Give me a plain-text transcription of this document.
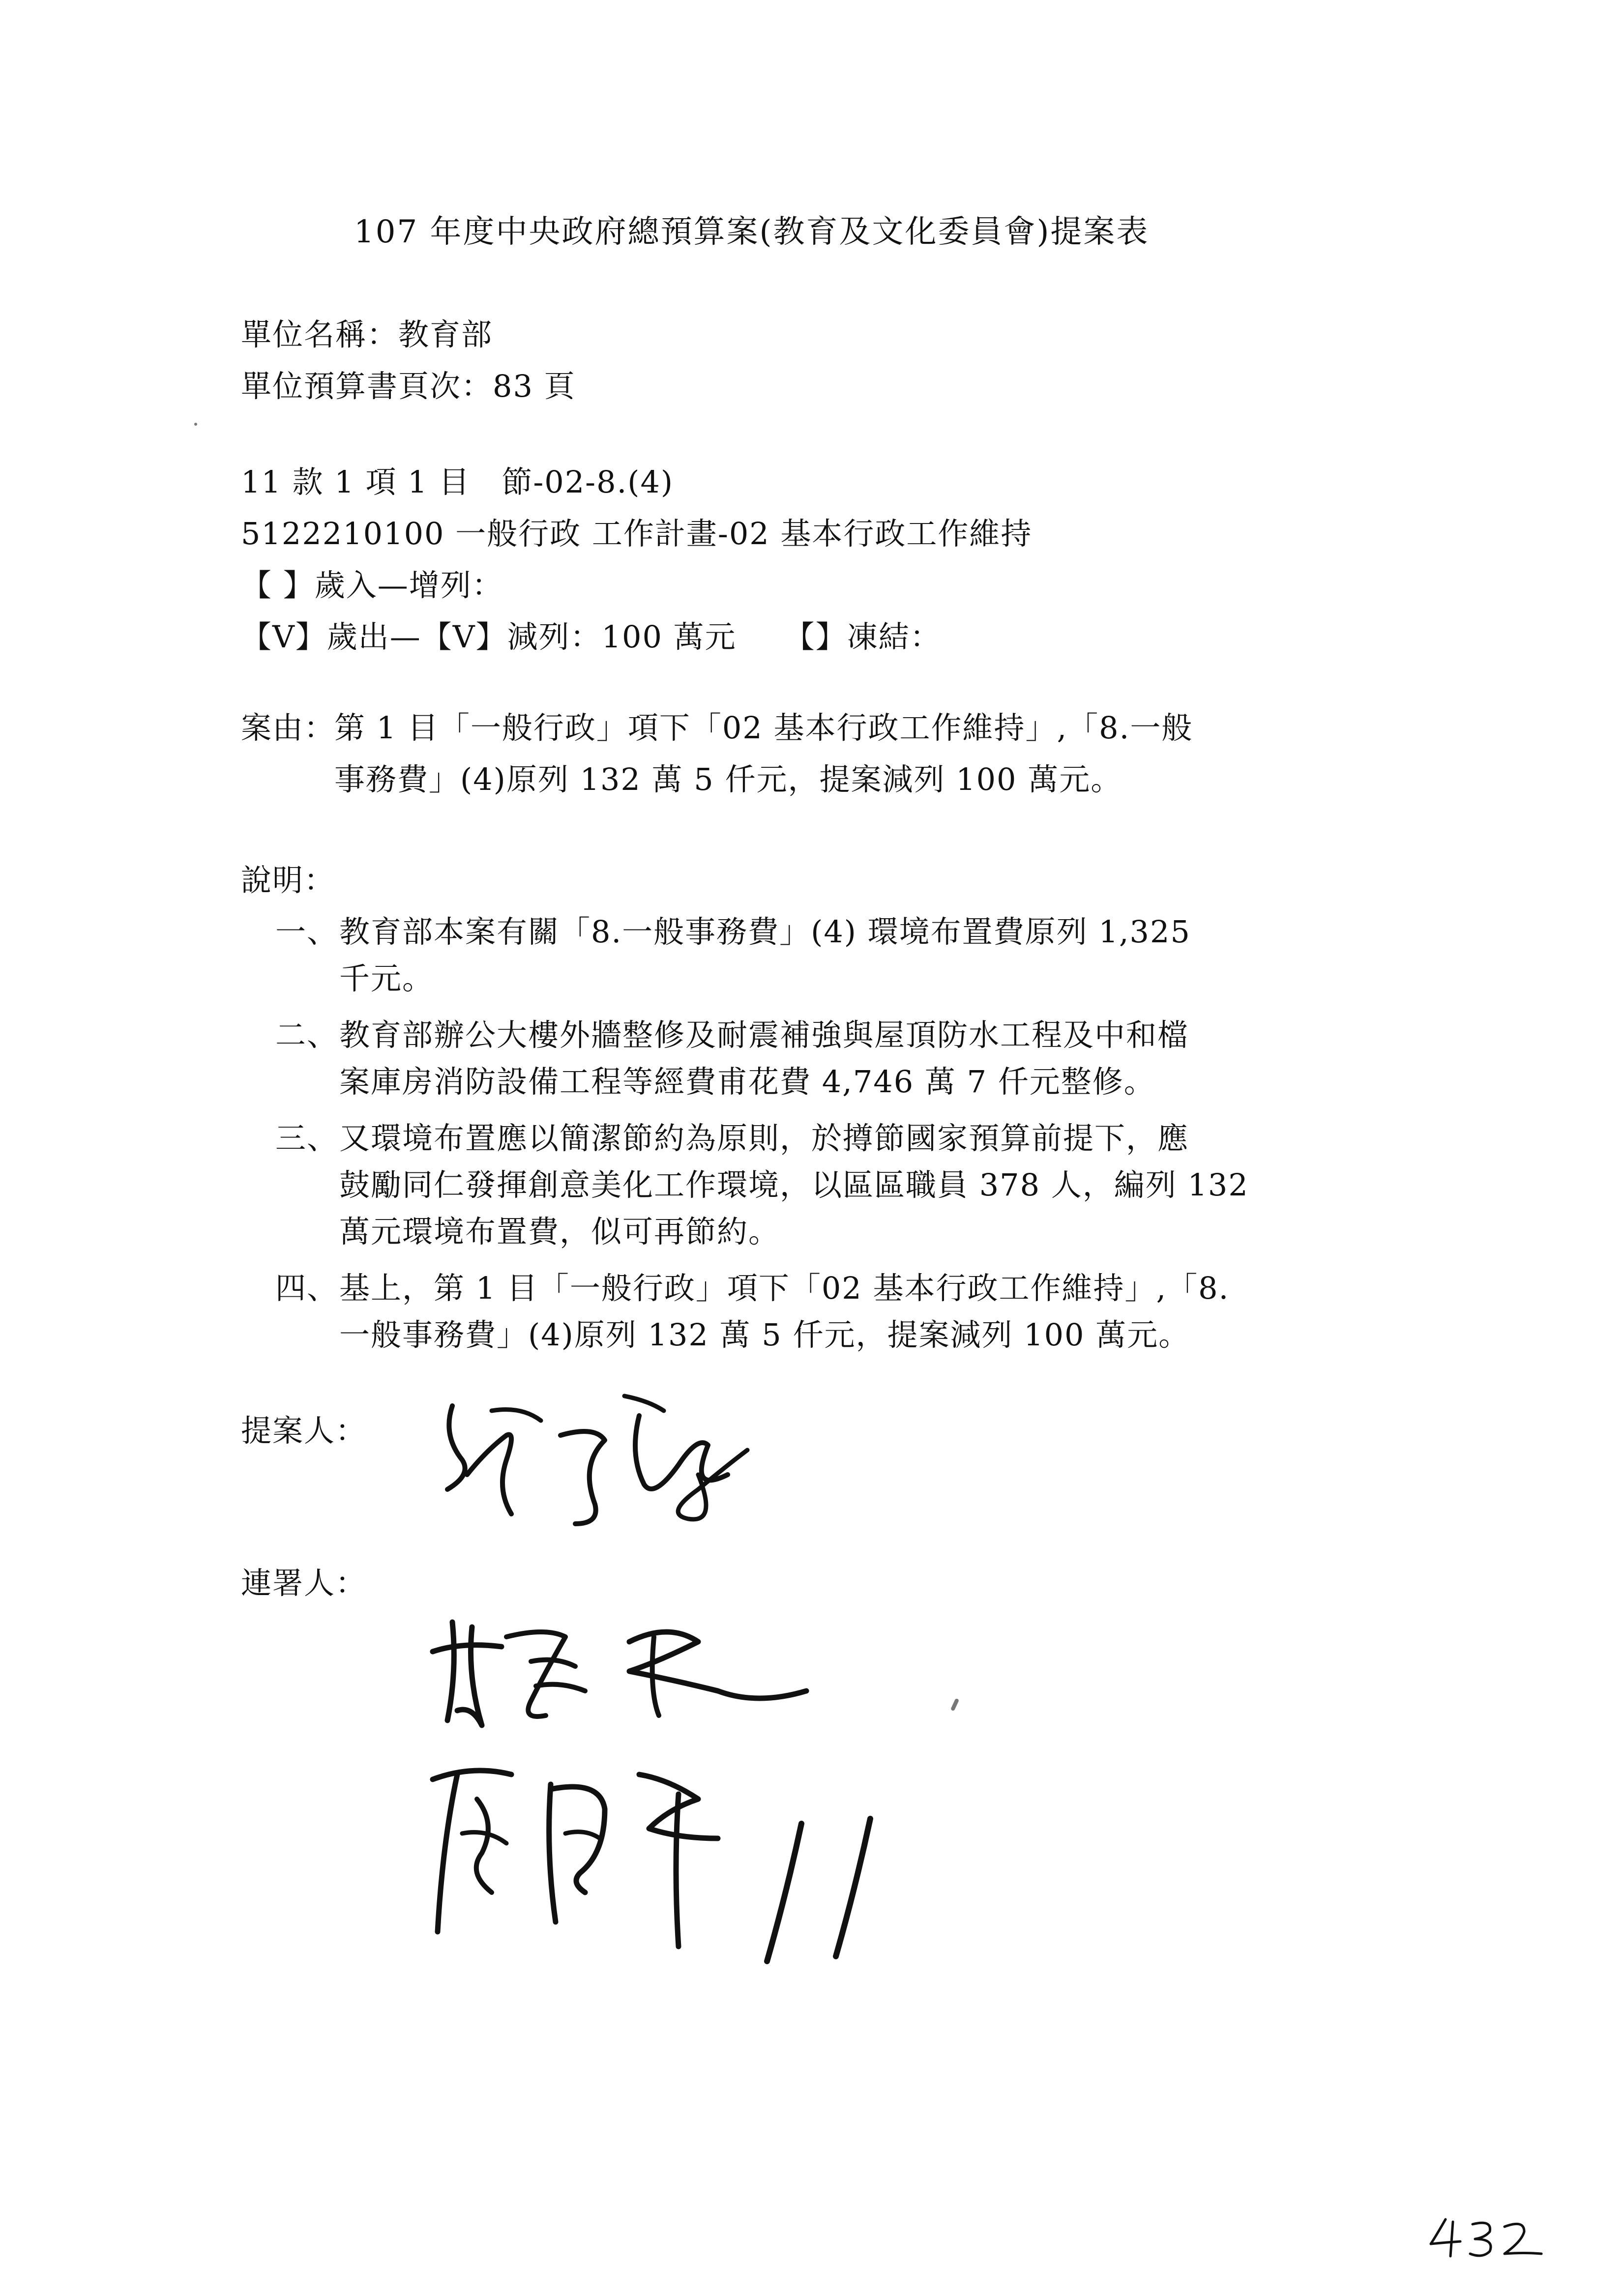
107 年度中央政府總預算案(教育及文化委員會)提案表
單位名稱：教育部
單位預算書頁次：83 頁
11 款 1 項 1 目　節-02-8.(4)
5122210100 一般行政 工作計畫-02 基本行政工作維持
【 】歲入—增列：
【V】歲出—【V】減列：100 萬元　　【】凍結：
案由：
第 1 目「一般行政」項下「02 基本行政工作維持」,「8.一般
事務費」(4)原列 132 萬 5 仟元，提案減列 100 萬元。
說明：
一、 教育部本案有關「8.一般事務費」(4) 環境布置費原列 1,325
千元。
二、 教育部辦公大樓外牆整修及耐震補強與屋頂防水工程及中和檔
案庫房消防設備工程等經費甫花費 4,746 萬 7 仟元整修。
三、 又環境布置應以簡潔節約為原則，於撙節國家預算前提下，應
鼓勵同仁發揮創意美化工作環境，以區區職員 378 人，編列 132
萬元環境布置費，似可再節約。
四、 基上，第 1 目「一般行政」項下「02 基本行政工作維持」,「8.
一般事務費」(4)原列 132 萬 5 仟元，提案減列 100 萬元。
提案人：
連署人：
